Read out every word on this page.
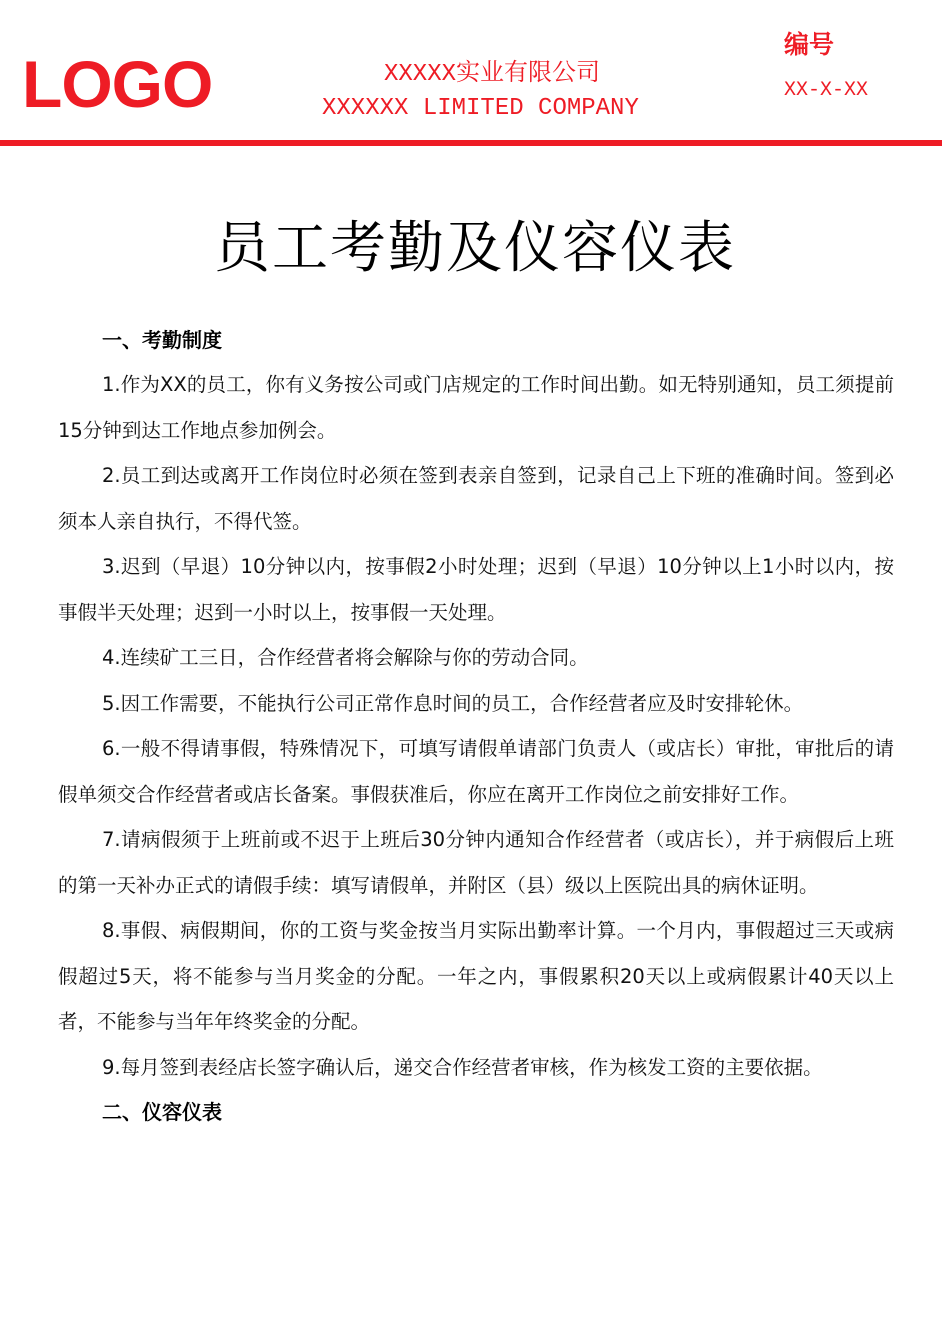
LOGO	XXXXX实业有限公司
XXXXXX LIMITED COMPANY
编号
XX-X-XX
员工考勤及仪容仪表

一、考勤制度

1.作为XX的员工，你有义务按公司或门店规定的工作时间出勤。如无特别通知，员工须提前15分钟到达工作地点参加例会。

2.员工到达或离开工作岗位时必须在签到表亲自签到，记录自己上下班的准确时间。签到必须本人亲自执行，不得代签。

3.迟到（早退）10分钟以内，按事假2小时处理；迟到（早退）10分钟以上1小时以内，按事假半天处理；迟到一小时以上，按事假一天处理。

4.连续矿工三日，合作经营者将会解除与你的劳动合同。

5.因工作需要，不能执行公司正常作息时间的员工，合作经营者应及时安排轮休。

6.一般不得请事假，特殊情况下，可填写请假单请部门负责人（或店长）审批，审批后的请假单须交合作经营者或店长备案。事假获准后，你应在离开工作岗位之前安排好工作。

7.请病假须于上班前或不迟于上班后30分钟内通知合作经营者（或店长），并于病假后上班的第一天补办正式的请假手续：填写请假单，并附区（县）级以上医院出具的病休证明。

8.事假、病假期间，你的工资与奖金按当月实际出勤率计算。一个月内，事假超过三天或病假超过5天，将不能参与当月奖金的分配。一年之内，事假累积20天以上或病假累计40天以上者，不能参与当年年终奖金的分配。

9.每月签到表经店长签字确认后，递交合作经营者审核，作为核发工资的主要依据。

二、仪容仪表
